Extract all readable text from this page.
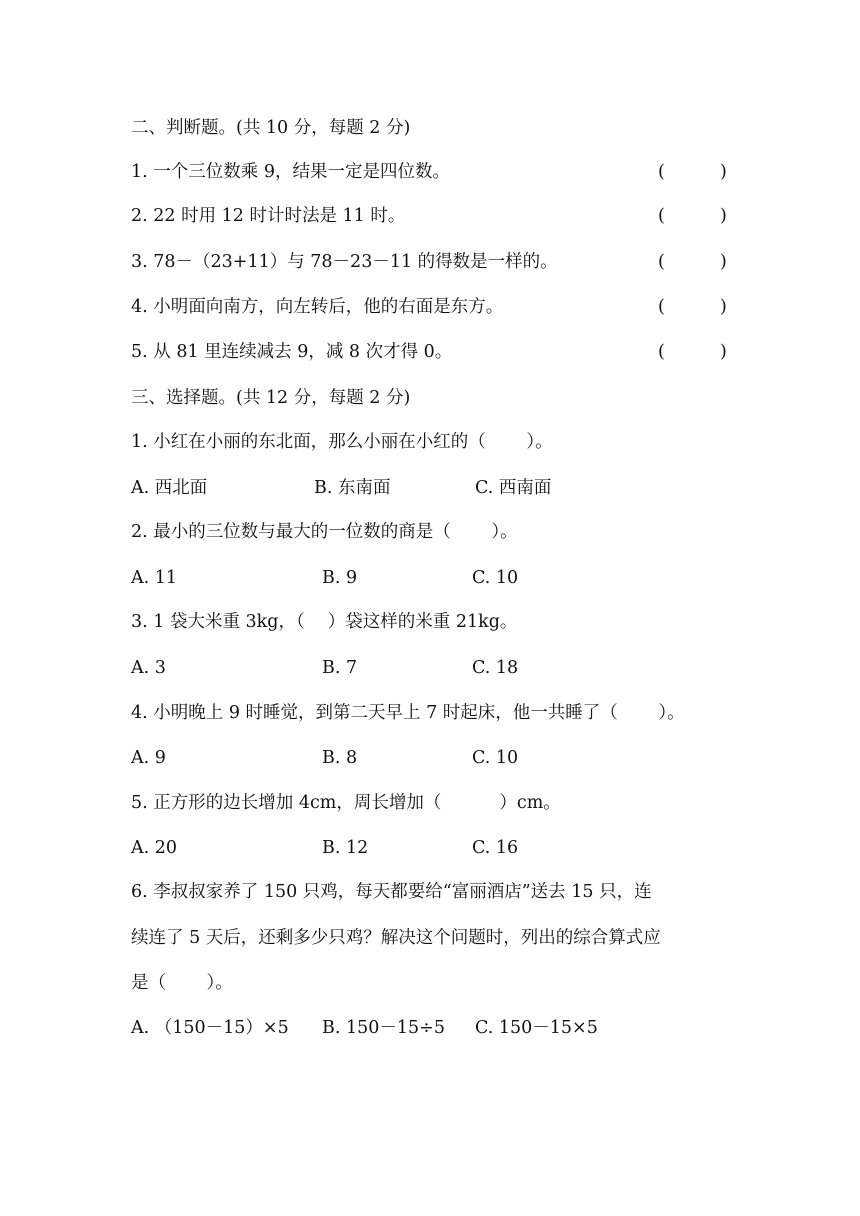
二、判断题。(共 10 分，每题 2 分)
1. 一个三位数乘 9，结果一定是四位数。	(	)
2. 22 时用 12 时计时法是 11 时。	(	)
3. 78－（23+11）与 78－23－11 的得数是一样的。	(	)
4. 小明面向南方，向左转后，他的右面是东方。	(	)
5. 从 81 里连续减去 9，减 8 次才得 0。	(	)
三、选择题。(共 12 分，每题 2 分)
1. 小红在小丽的东北面，那么小丽在小红的（　　 ）。
A. 西北面	B. 东南面	C. 西南面
2. 最小的三位数与最大的一位数的商是（　　 ）。
A. 11	B. 9	C. 10
3. 1 袋大米重 3kg，（　 ）袋这样的米重 21kg。
A. 3	B. 7	C. 18
4. 小明晚上 9 时睡觉，到第二天早上 7 时起床，他一共睡了（　　 ）。
A. 9	B. 8	C. 10
5. 正方形的边长增加 4cm，周长增加（　　　 ）cm。
A. 20	B. 12	C. 16
6. 李叔叔家养了 150 只鸡，每天都要给“富丽酒店”送去 15 只，连
续连了 5 天后，还剩多少只鸡？解决这个问题时，列出的综合算式应
是（　　 ）。
A. （150－15）×5 B. 150－15÷5 C. 150－15×5
